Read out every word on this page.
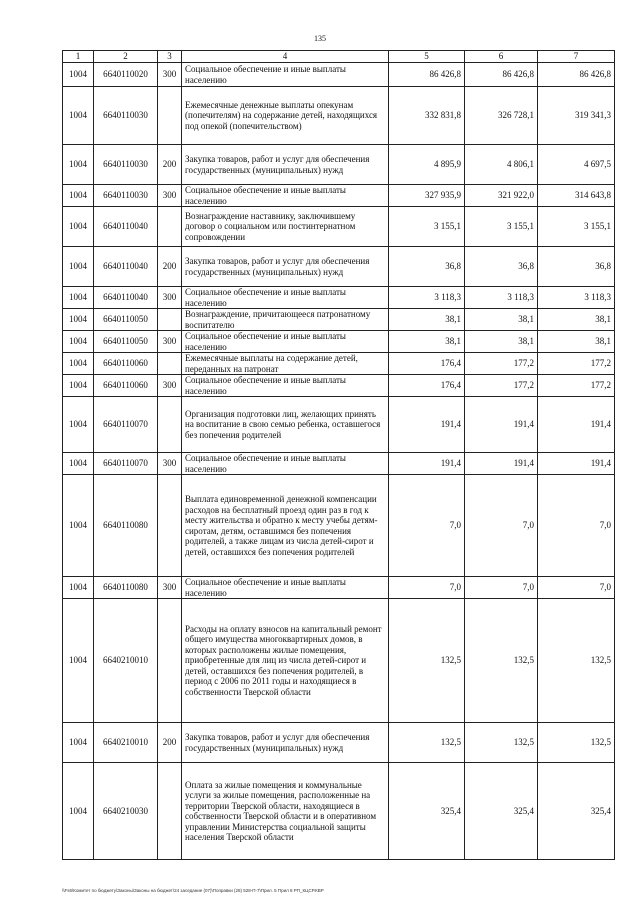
135
1	2	3	4	5	6	7
1004	6640110020	300	Социальное обеспечение и иные выплаты населению	86 426,8	86 426,8	86 426,8
1004	6640110030		Ежемесячные денежные выплаты опекунам (попечителям) на содержание детей, находящихся под опекой (попечительством)	332 831,8	326 728,1	319 341,3
1004	6640110030	200	Закупка товаров, работ и услуг для обеспечения государственных (муниципальных) нужд	4 895,9	4 806,1	4 697,5
1004	6640110030	300	Социальное обеспечение и иные выплаты населению	327 935,9	321 922,0	314 643,8
1004	6640110040		Вознаграждение наставнику, заключившему договор о социальном или постинтернатном сопровождении	3 155,1	3 155,1	3 155,1
1004	6640110040	200	Закупка товаров, работ и услуг для обеспечения государственных (муниципальных) нужд	36,8	36,8	36,8
1004	6640110040	300	Социальное обеспечение и иные выплаты населению	3 118,3	3 118,3	3 118,3
1004	6640110050		Вознаграждение, причитающееся патронатному воспитателю	38,1	38,1	38,1
1004	6640110050	300	Социальное обеспечение и иные выплаты населению	38,1	38,1	38,1
1004	6640110060		Ежемесячные выплаты на содержание детей, переданных на патронат	176,4	177,2	177,2
1004	6640110060	300	Социальное обеспечение и иные выплаты населению	176,4	177,2	177,2
1004	6640110070		Организация подготовки лиц, желающих принять на воспитание в свою семью ребенка, оставшегося без попечения родителей	191,4	191,4	191,4
1004	6640110070	300	Социальное обеспечение и иные выплаты населению	191,4	191,4	191,4
1004	6640110080		Выплата единовременной денежной компенсации расходов на бесплатный проезд один раз в год к месту жительства и обратно к месту учебы детям-сиротам, детям, оставшимся без попечения родителей, а также лицам из числа детей-сирот и детей, оставшихся без попечения родителей	7,0	7,0	7,0
1004	6640110080	300	Социальное обеспечение и иные выплаты населению	7,0	7,0	7,0
1004	6640210010		Расходы на оплату взносов на капитальный ремонт общего имущества многоквартирных домов, в которых расположены жилые помещения, приобретенные для лиц из числа детей-сирот и детей, оставшихся без попечения родителей, в период с 2006 по 2011 годы и находящиеся в собственности Тверской области	132,5	132,5	132,5
1004	6640210010	200	Закупка товаров, работ и услуг для обеспечения государственных (муниципальных) нужд	132,5	132,5	132,5
1004	6640210030		Оплата за жилые помещения и коммунальные услуги за жилые помещения, расположенные на территории Тверской области, находящиеся в собственности Тверской области и в оперативном управлении Министерства социальной защиты населения Тверской области	325,4	325,4	325,4
\\Fs6\Комитет по бюджету\Законы\Законы на бюджет\24 заседание (07)\Поправки (28) 528-П-7\Прил. 5 Прил 8 РП_КЦСР.КВР
